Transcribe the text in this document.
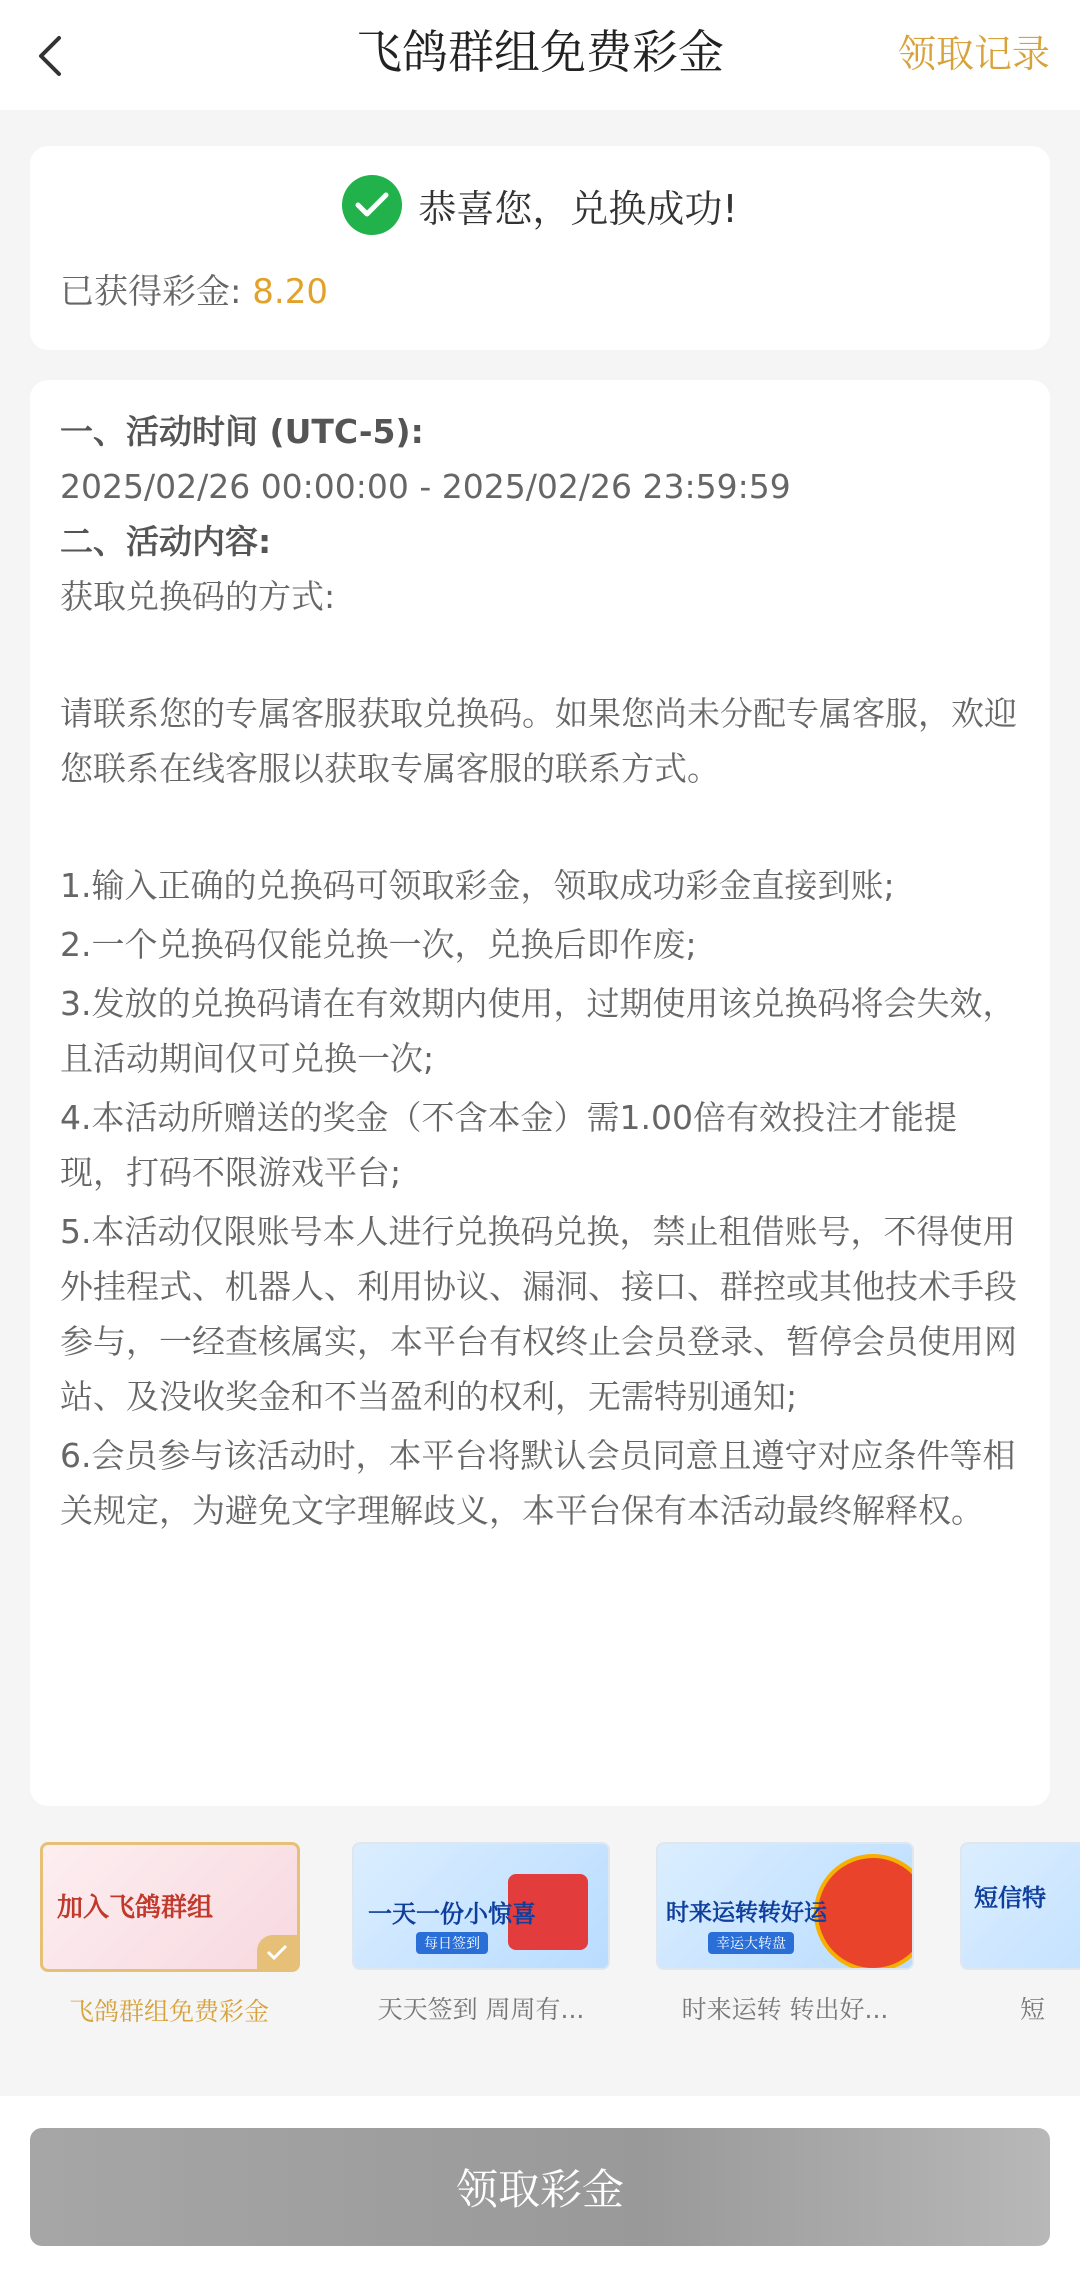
飞鸽群组免费彩金	领取记录
恭喜您，兑换成功!
已获得彩金: 8.20

一、活动时间 (UTC-5):

2025/02/26 00:00:00 - 2025/02/26 23:59:59

二、活动内容:

获取兑换码的方式:

请联系您的专属客服获取兑换码。如果您尚未分配专属客服，欢迎您联系在线客服以获取专属客服的联系方式。

1.输入正确的兑换码可领取彩金，领取成功彩金直接到账;

2.一个兑换码仅能兑换一次，兑换后即作废;

3.发放的兑换码请在有效期内使用，过期使用该兑换码将会失效，且活动期间仅可兑换一次;

4.本活动所赠送的奖金（不含本金）需1.00倍有效投注才能提现，打码不限游戏平台;

5.本活动仅限账号本人进行兑换码兑换，禁止租借账号，不得使用外挂程式、机器人、利用协议、漏洞、接口、群控或其他技术手段参与，一经查核属实，本平台有权终止会员登录、暂停会员使用网站、及没收奖金和不当盈利的权利，无需特别通知;

6.会员参与该活动时，本平台将默认会员同意且遵守对应条件等相关规定，为避免文字理解歧义，本平台保有本活动最终解释权。

加入飞鸽群组
飞鸽群组免费彩金
一天一份小惊喜
每日签到
天天签到 周周有...
时来运转转好运
幸运大转盘
时来运转 转出好...
短信特
短
领取彩金
